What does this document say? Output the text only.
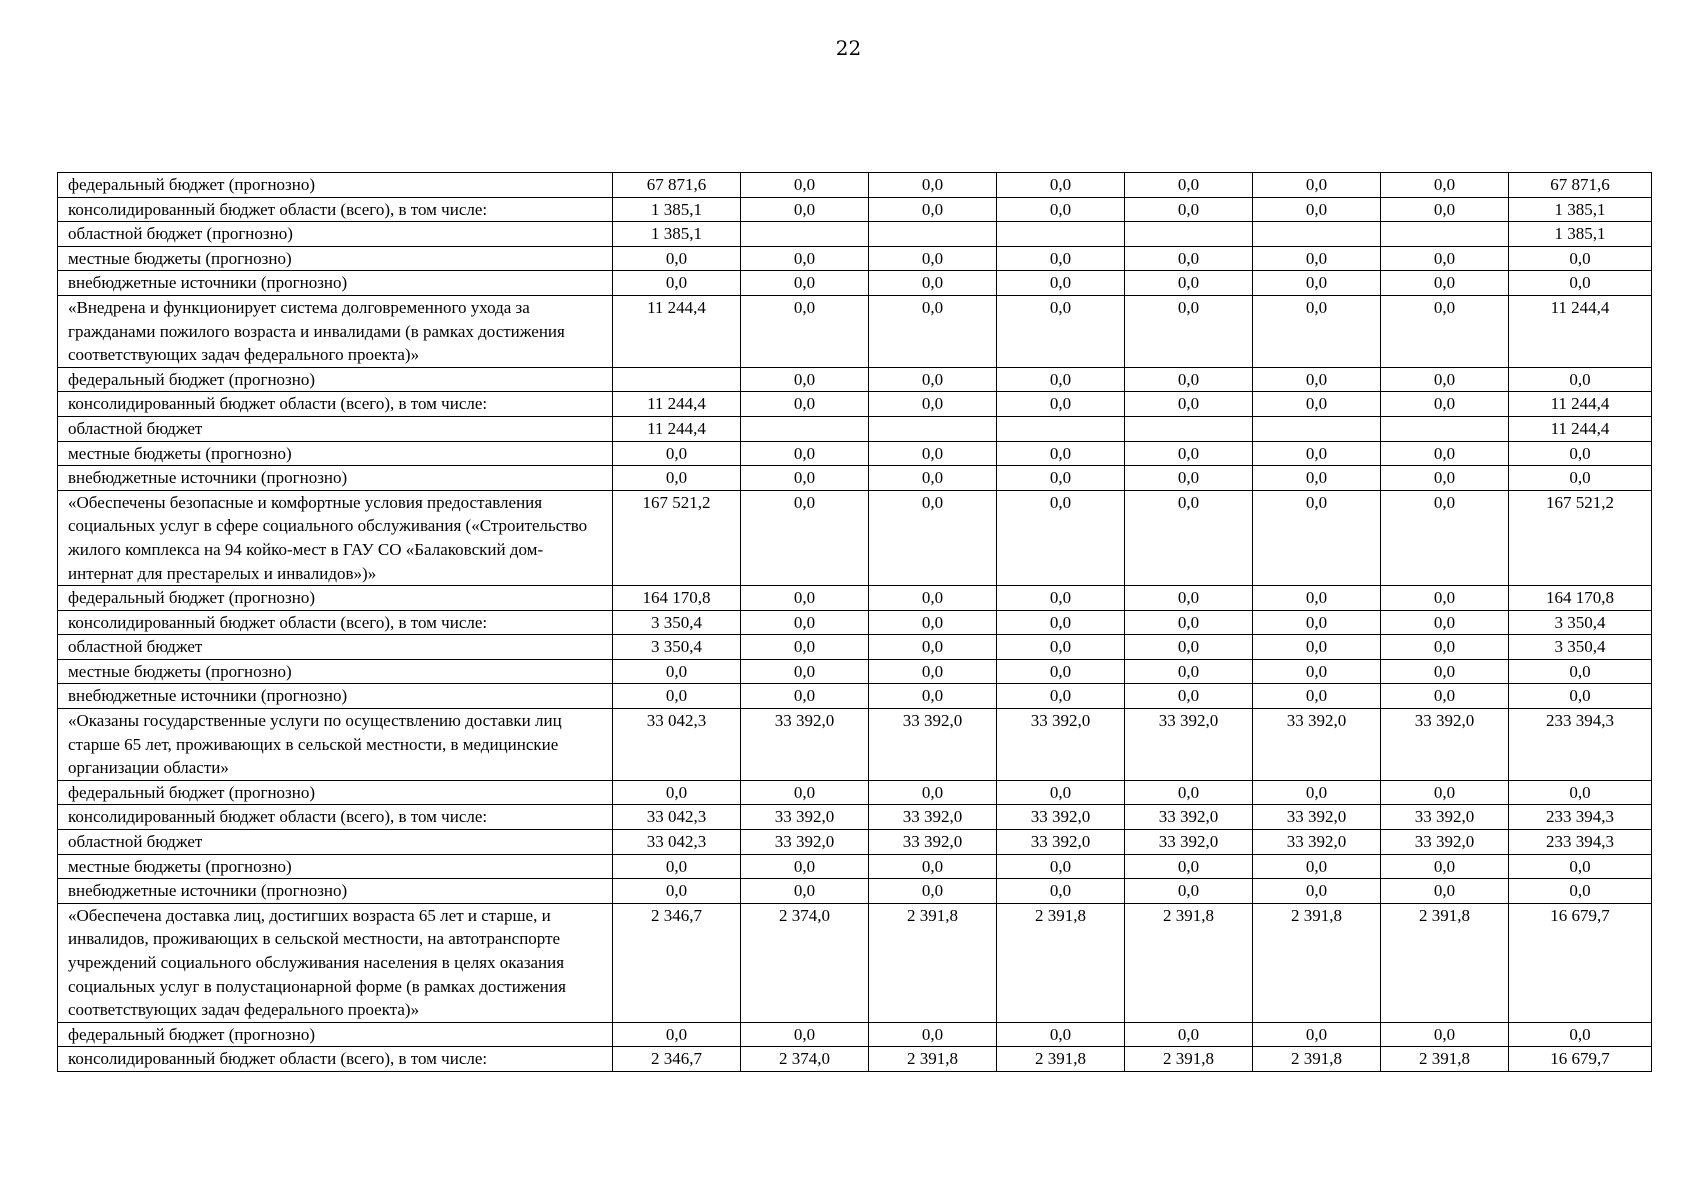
22
федеральный бюджет (прогнозно)	67 871,6	0,0	0,0	0,0	0,0	0,0	0,0	67 871,6
консолидированный бюджет области (всего), в том числе:	1 385,1	0,0	0,0	0,0	0,0	0,0	0,0	1 385,1
областной бюджет (прогнозно)	1 385,1							1 385,1
местные бюджеты (прогнозно)	0,0	0,0	0,0	0,0	0,0	0,0	0,0	0,0
внебюджетные источники (прогнозно)	0,0	0,0	0,0	0,0	0,0	0,0	0,0	0,0
«Внедрена и функционирует система долговременного ухода за гражданами пожилого возраста и инвалидами (в рамках достижения соответствующих задач федерального проекта)»	11 244,4	0,0	0,0	0,0	0,0	0,0	0,0	11 244,4
федеральный бюджет (прогнозно)		0,0	0,0	0,0	0,0	0,0	0,0	0,0
консолидированный бюджет области (всего), в том числе:	11 244,4	0,0	0,0	0,0	0,0	0,0	0,0	11 244,4
областной бюджет	11 244,4							11 244,4
местные бюджеты (прогнозно)	0,0	0,0	0,0	0,0	0,0	0,0	0,0	0,0
внебюджетные источники (прогнозно)	0,0	0,0	0,0	0,0	0,0	0,0	0,0	0,0
«Обеспечены безопасные и комфортные условия предоставления социальных услуг в сфере социального обслуживания («Строительство жилого комплекса на 94 койко-мест в ГАУ СО «Балаковский дом-интернат для престарелых и инвалидов»)»	167 521,2	0,0	0,0	0,0	0,0	0,0	0,0	167 521,2
федеральный бюджет (прогнозно)	164 170,8	0,0	0,0	0,0	0,0	0,0	0,0	164 170,8
консолидированный бюджет области (всего), в том числе:	3 350,4	0,0	0,0	0,0	0,0	0,0	0,0	3 350,4
областной бюджет	3 350,4	0,0	0,0	0,0	0,0	0,0	0,0	3 350,4
местные бюджеты (прогнозно)	0,0	0,0	0,0	0,0	0,0	0,0	0,0	0,0
внебюджетные источники (прогнозно)	0,0	0,0	0,0	0,0	0,0	0,0	0,0	0,0
«Оказаны государственные услуги по осуществлению доставки лиц старше 65 лет, проживающих в сельской местности, в медицинские организации области»	33 042,3	33 392,0	33 392,0	33 392,0	33 392,0	33 392,0	33 392,0	233 394,3
федеральный бюджет (прогнозно)	0,0	0,0	0,0	0,0	0,0	0,0	0,0	0,0
консолидированный бюджет области (всего), в том числе:	33 042,3	33 392,0	33 392,0	33 392,0	33 392,0	33 392,0	33 392,0	233 394,3
областной бюджет	33 042,3	33 392,0	33 392,0	33 392,0	33 392,0	33 392,0	33 392,0	233 394,3
местные бюджеты (прогнозно)	0,0	0,0	0,0	0,0	0,0	0,0	0,0	0,0
внебюджетные источники (прогнозно)	0,0	0,0	0,0	0,0	0,0	0,0	0,0	0,0
«Обеспечена доставка лиц, достигших возраста 65 лет и старше, и инвалидов, проживающих в сельской местности, на автотранспорте учреждений социального обслуживания населения в целях оказания социальных услуг в полустационарной форме (в рамках достижения соответствующих задач федерального проекта)»	2 346,7	2 374,0	2 391,8	2 391,8	2 391,8	2 391,8	2 391,8	16 679,7
федеральный бюджет (прогнозно)	0,0	0,0	0,0	0,0	0,0	0,0	0,0	0,0
консолидированный бюджет области (всего), в том числе:	2 346,7	2 374,0	2 391,8	2 391,8	2 391,8	2 391,8	2 391,8	16 679,7
